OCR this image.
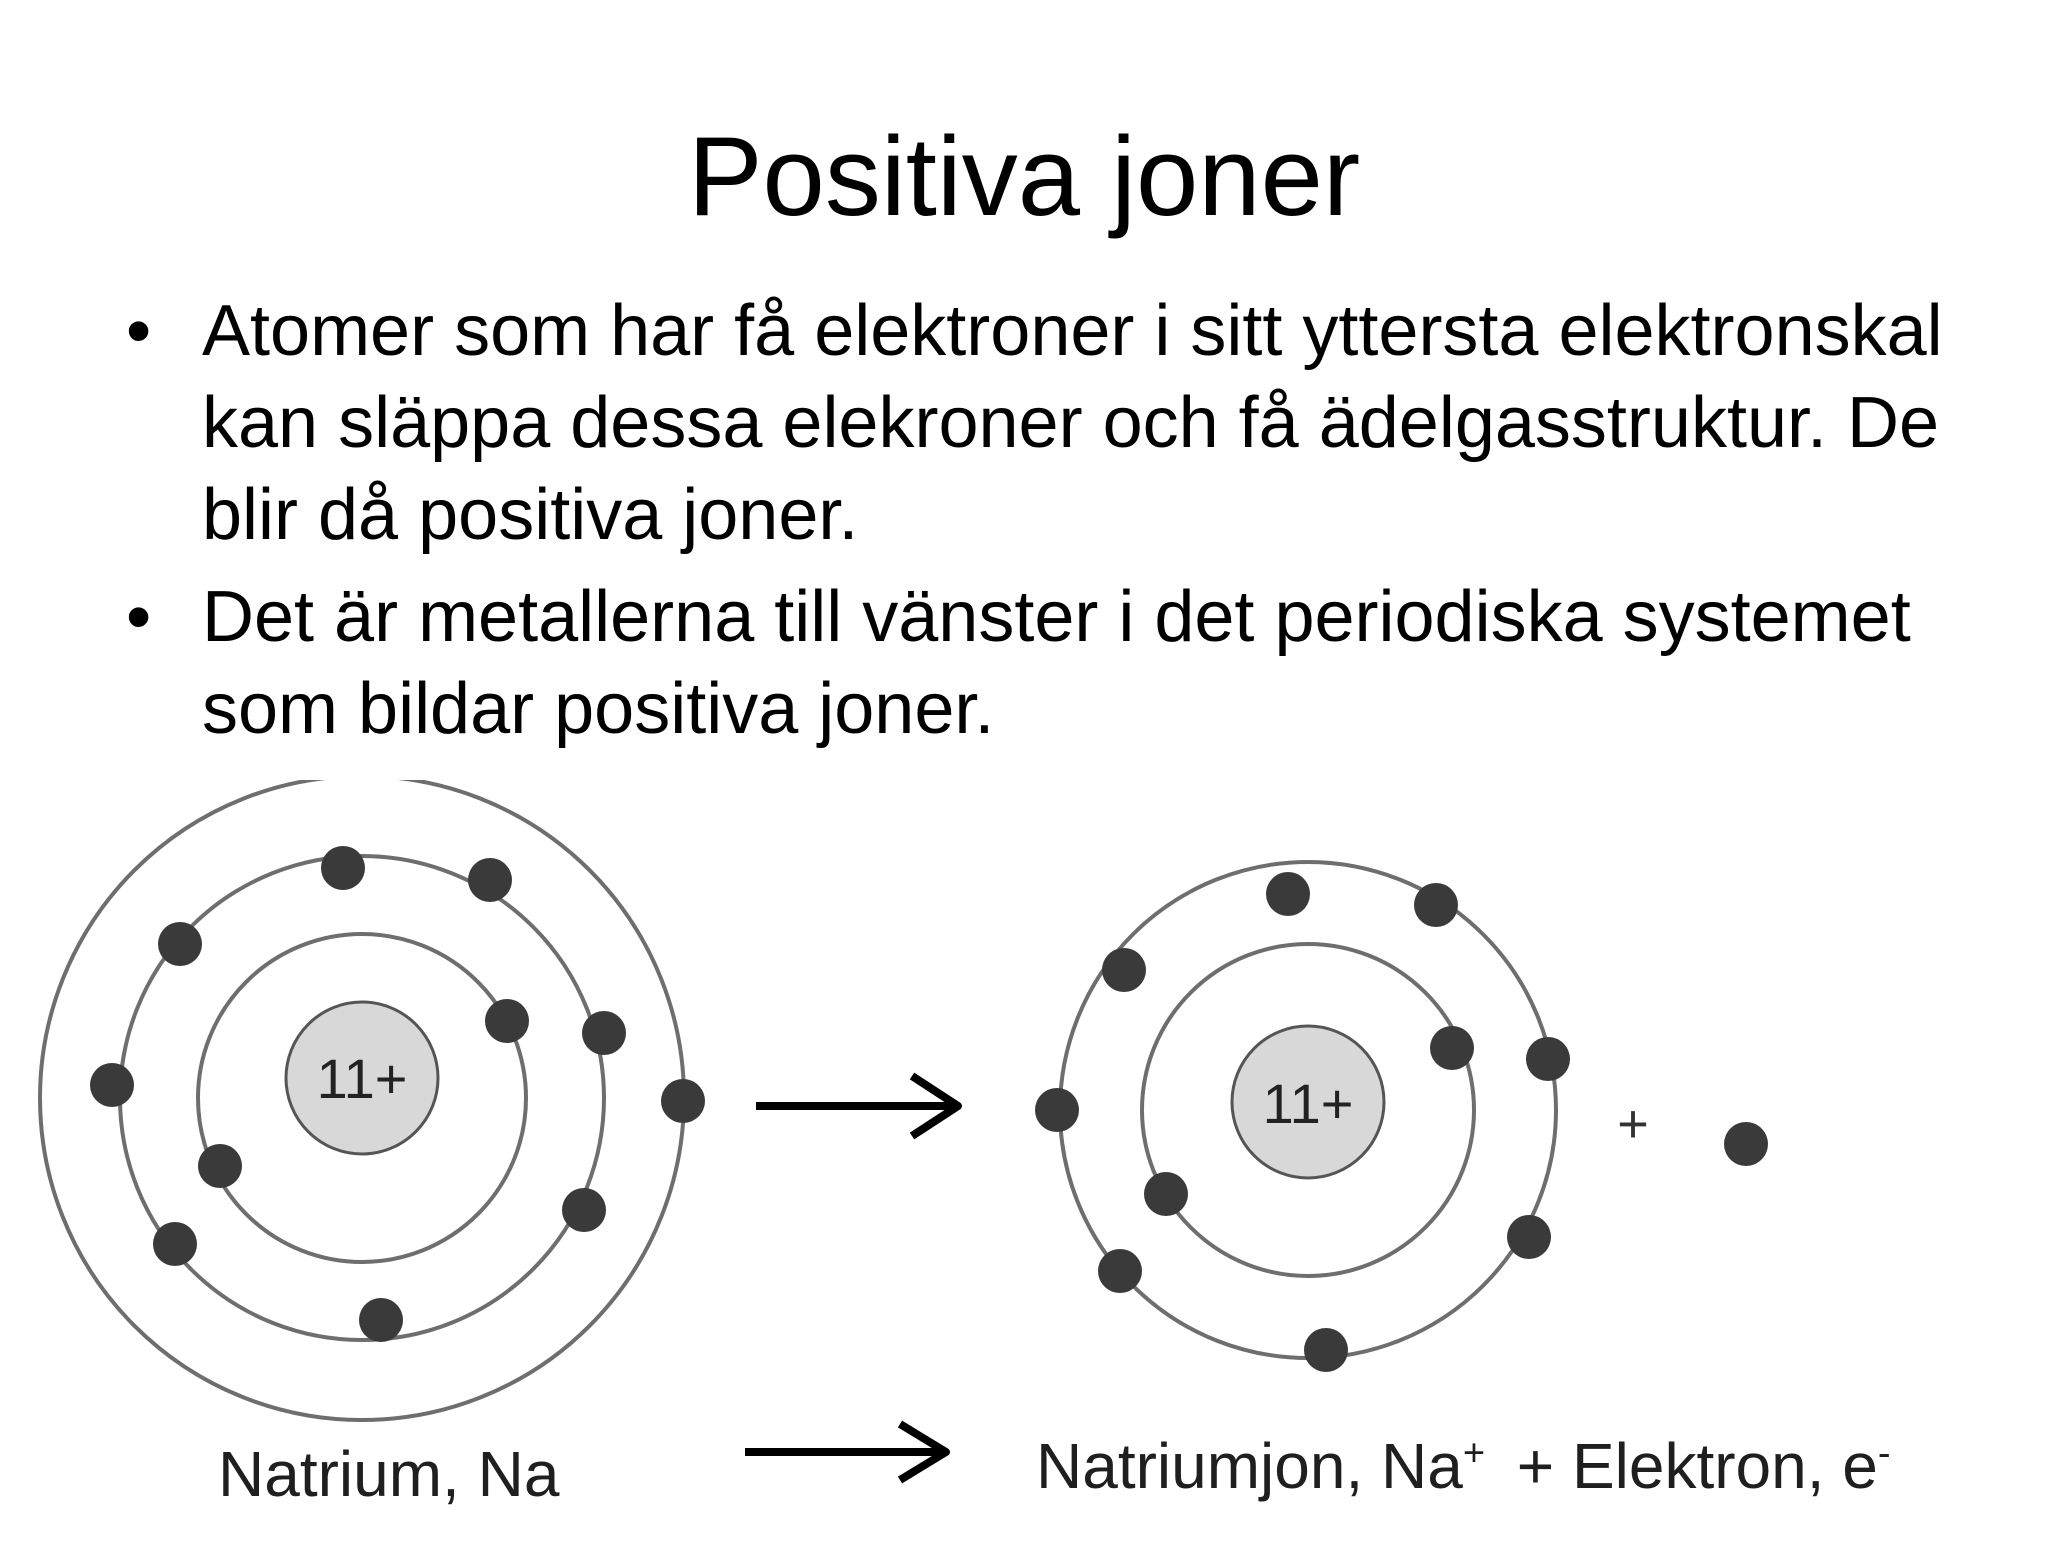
Positiva joner
• Atomer som har få elektroner i sitt yttersta elektronskal kan släppa dessa elekroner och få ädelgasstruktur. De blir då positiva joner.
• Det är metallerna till vänster i det periodiska systemet som bildar positiva joner.
11+	11+	+
Natrium, Na	Natriumjon, Na+ + Elektron, e-
